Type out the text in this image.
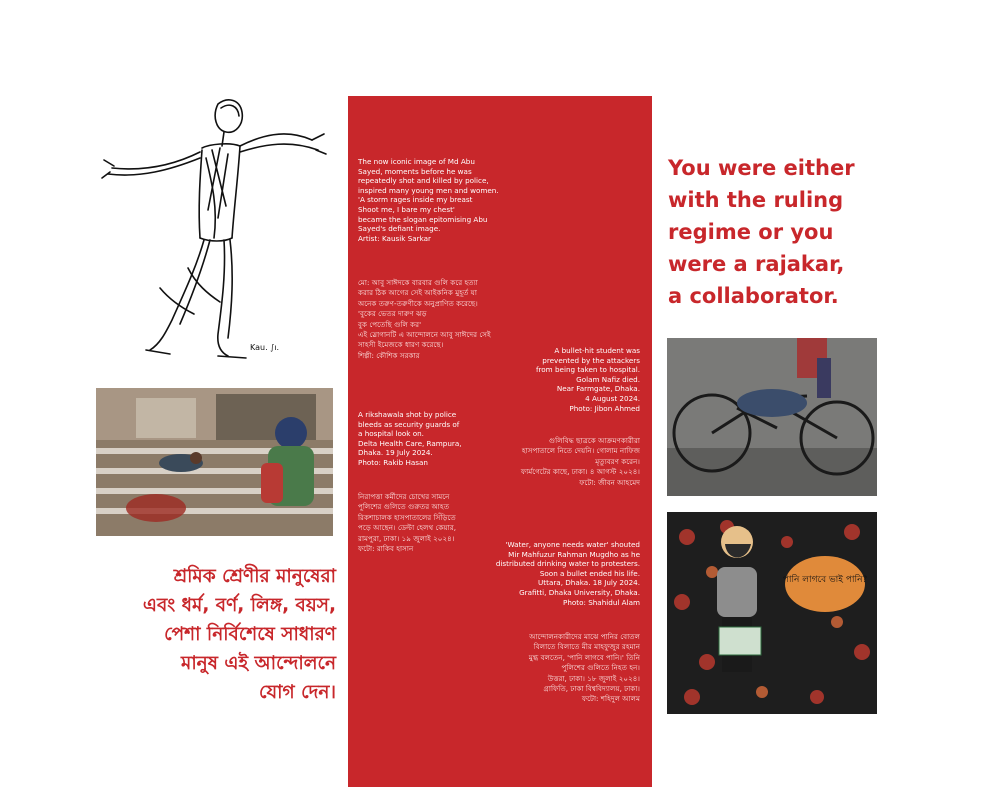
Kau. ∫ı.
The now iconic image of Md Abu
Sayed, moments before he was
repeatedly shot and killed by police,
inspired many young men and women.
'A storm rages inside my breast
Shoot me, I bare my chest'
became the slogan epitomising Abu
Sayed's defiant image.
Artist: Kausik Sarkar
মো: আবু সাঈদকে বারবার গুলি করে হত্যা
করার ঠিক আগের সেই আইকনিক মুহূর্ত যা
অনেক তরুণ-তরুণীকে অনুপ্রাণিত করেছে।
'বুকের ভেতর দারুণ ঝড়
বুক পেতেছি গুলি কর'
এই স্লোগানটি এ আন্দোলনে আবু সাঈদের সেই
সাহসী ইমেজকে ধারণ করেছে।
শিল্পী: কৌশিক সরকার
A rikshawala shot by police
bleeds as security guards of
a hospital look on.
Delta Health Care, Rampura,
Dhaka. 19 July 2024.
Photo: Rakib Hasan
নিরাপত্তা কর্মীদের চোখের সামনে
পুলিশের গুলিতে গুরুতর আহত
রিকশাচালক হাসপাতালের সিঁড়িতে
পড়ে আছেন। ডেল্টা হেলথ কেয়ার,
রামপুরা, ঢাকা। ১৯ জুলাই ২০২৪।
ফটো: রাকিব হাসান
A bullet-hit student was
prevented by the attackers
from being taken to hospital.
Golam Nafiz died.
Near Farmgate, Dhaka.
4 August 2024.
Photo: Jibon Ahmed
গুলিবিদ্ধ ছাত্রকে আক্রমণকারীরা
হাসপাতালে নিতে দেয়নি। গোলাম নাফিজ
মৃত্যুবরণ করেন।
ফার্মগেটের কাছে, ঢাকা। ৪ আগস্ট ২০২৪।
ফটো: জীবন আহমেদ
'Water, anyone needs water' shouted
Mir Mahfuzur Rahman Mugdho as he
distributed drinking water to protesters.
Soon a bullet ended his life.
Uttara, Dhaka. 18 July 2024.
Grafitti, Dhaka University, Dhaka.
Photo: Shahidul Alam
আন্দোলনকারীদের মাঝে পানির বোতল
বিলাতে বিলাতে মীর মাহফুজুর রহমান
মুগ্ধ বলতেন, 'পানি লাগবে পানি।' তিনি
পুলিশের গুলিতে নিহত হন।
উত্তরা, ঢাকা। ১৮ জুলাই ২০২৪।
গ্রাফিতি, ঢাকা বিশ্ববিদ্যালয়, ঢাকা।
ফটো: শহিদুল আলম
You were either
with the ruling
regime or you
were a rajakar,
a collaborator.
পানি লাগবে ভাই পানি?
শ্রমিক শ্রেণীর মানুষেরা
এবং ধর্ম, বর্ণ, লিঙ্গ, বয়স,
পেশা নির্বিশেষে সাধারণ
মানুষ এই আন্দোলনে
যোগ দেন।
